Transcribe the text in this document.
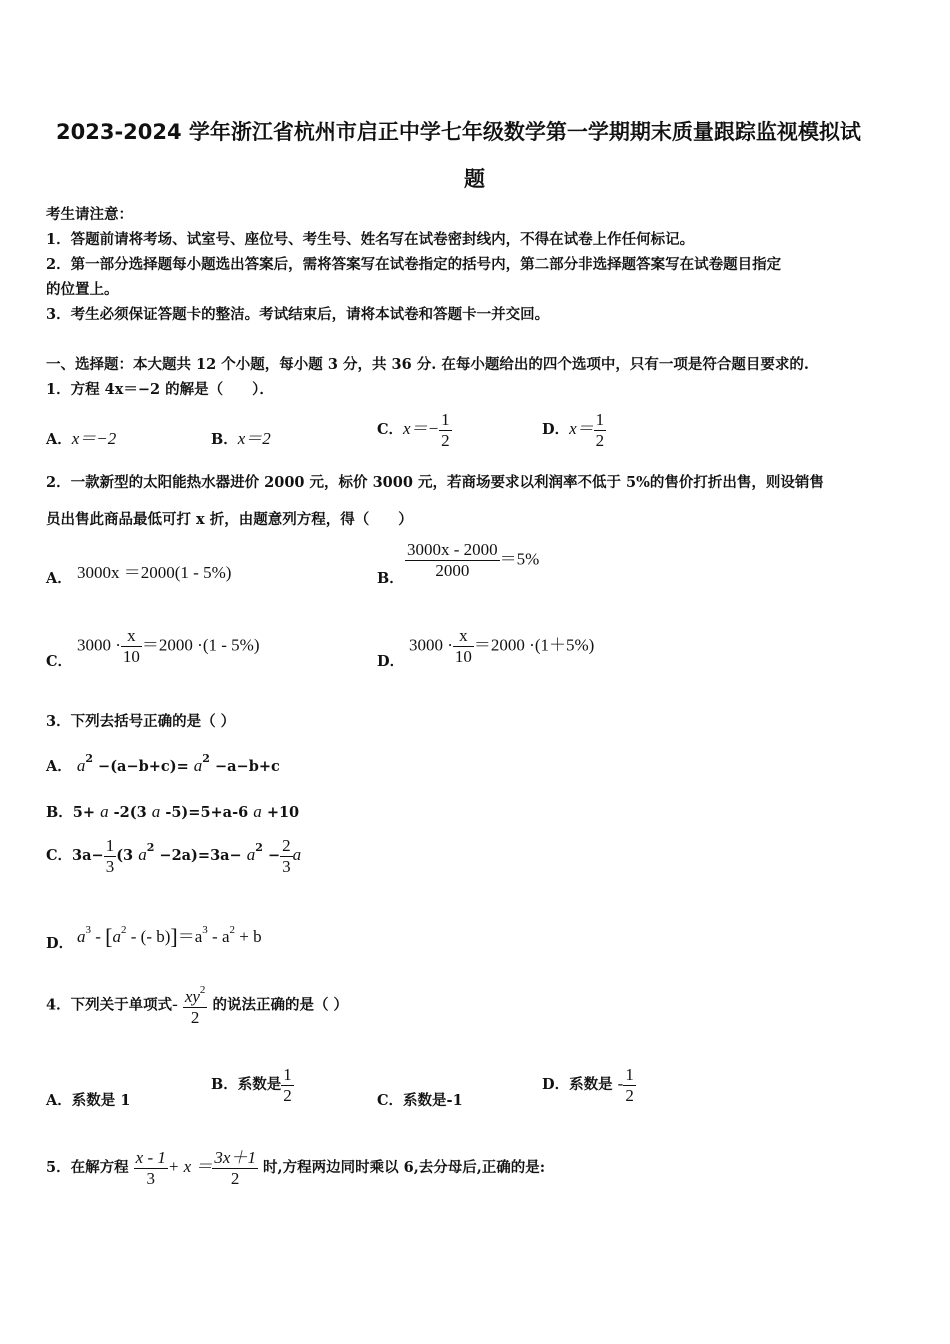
2023-2024 学年浙江省杭州市启正中学七年级数学第一学期期末质量跟踪监视模拟试
题
考生请注意：
1．答题前请将考场、试室号、座位号、考生号、姓名写在试卷密封线内，不得在试卷上作任何标记。
2．第一部分选择题每小题选出答案后，需将答案写在试卷指定的括号内，第二部分非选择题答案写在试卷题目指定
的位置上。
3．考生必须保证答题卡的整洁。考试结束后，请将本试卷和答题卡一并交回。
一、选择题：本大题共 12 个小题，每小题 3 分，共 36 分. 在每小题给出的四个选项中，只有一项是符合题目要求的.
1．方程 4x＝−2 的解是（　　）．
A．x＝−2	B．x＝2	C．$x=- \frac{1}{2}$	D．$x= \frac{1}{2}$
2．一款新型的太阳能热水器进价 2000 元，标价 3000 元，若商场要求以利润率不低于 5%的售价打折出售，则设销售
员出售此商品最低可打 x 折，由题意列方程，得（　　）
A． 3000x ＝2000(1 - 5%)	B． $\frac{3000x - 2000}{2000} =5\%$
C．
$3000 \cdot \frac{x}{10} =2000 \cdot(1 - 5\%)$
D．
$3000 \cdot \frac{x}{10} =2000 \cdot(1+5\%)$
3．下列去括号正确的是（ ）
A． $a^2 -(a-b+c)= a^2 -a-b+c$
B．5+ a -2(3 a -5)=5+a-6 a +10
C．$3a- \frac{1}{3} (3$ $a^2 -2a)=3a- a^2 - \frac{2}{3}$ a
D． $a^3 - [a^2$ - (- $b)]=a^3 - a^2 + b$
4．下列关于单项式- $\frac{xy^2}{2}$ 的说法正确的是（ ）
A．系数是 1
B．系数是 $\frac{1}{2}$	C．系数是-1
D．系数是 - $\frac{1}{2}$
5．在解方程 $\frac{x - 1}{3} + x = \frac{3x+1}{2}$ 时,方程两边同时乘以 6,去分母后,正确的是:
